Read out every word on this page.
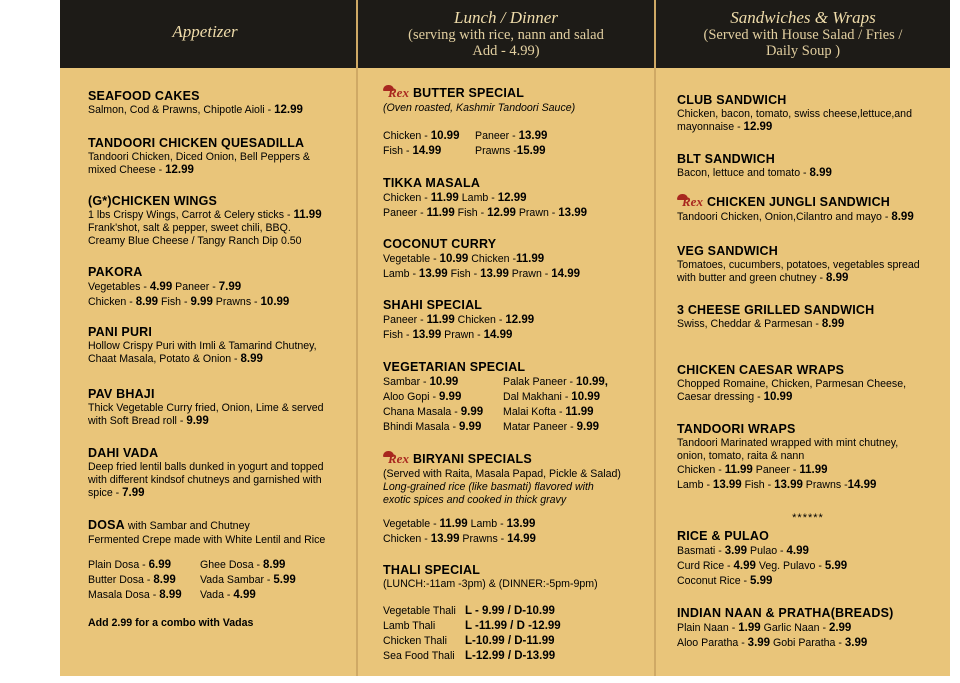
Appetizer
Lunch / Dinner
(serving with rice, nann and salad
Add - 4.99)
Sandwiches & Wraps
(Served with House Salad / Fries /
Daily Soup )
SEAFOOD CAKES
Salmon, Cod & Prawns, Chipotle Aioli - 12.99
TANDOORI CHICKEN QUESADILLA
Tandoori Chicken, Diced Onion, Bell Peppers &
mixed Cheese - 12.99
(G*)CHICKEN WINGS
1 lbs Crispy Wings, Carrot & Celery sticks - 11.99
Frank'shot, salt & pepper, sweet chili, BBQ.
Creamy Blue Cheese / Tangy Ranch Dip 0.50
PAKORA
Vegetables - 4.99 Paneer - 7.99
Chicken - 8.99 Fish - 9.99 Prawns - 10.99
PANI PURI
Hollow Crispy Puri with Imli & Tamarind Chutney,
Chaat Masala, Potato & Onion - 8.99
PAV BHAJI
Thick Vegetable Curry fried, Onion, Lime & served
with Soft Bread roll - 9.99
DAHI VADA
Deep fried lentil balls dunked in yogurt and topped
with different kindsof chutneys and garnished with
spice - 7.99
DOSA with Sambar and Chutney
Fermented Crepe made with White Lentil and Rice
Plain Dosa - 6.99	Ghee Dosa - 8.99
Butter Dosa - 8.99 Vada Sambar - 5.99
Masala Dosa - 8.99 Vada - 4.99
Add 2.99 for a combo with Vadas
Rex BUTTER SPECIAL
(Oven roasted, Kashmir Tandoori Sauce)
Chicken - 10.99 Paneer - 13.99
Fish - 14.99	Prawns -15.99
TIKKA MASALA
Chicken - 11.99 Lamb - 12.99
Paneer - 11.99 Fish - 12.99 Prawn - 13.99
COCONUT CURRY
Vegetable - 10.99 Chicken -11.99
Lamb - 13.99 Fish - 13.99 Prawn - 14.99
SHAHI SPECIAL
Paneer - 11.99 Chicken - 12.99
Fish - 13.99 Prawn - 14.99
VEGETARIAN SPECIAL
Sambar - 10.99	Palak Paneer - 10.99,
Aloo Gopi - 9.99	Dal Makhani - 10.99
Chana Masala - 9.99 Malai Kofta - 11.99
Bhindi Masala - 9.99 Matar Paneer - 9.99
Rex BIRYANI SPECIALS
(Served with Raita, Masala Papad, Pickle & Salad)
Long-grained rice (like basmati) flavored with
exotic spices and cooked in thick gravy
Vegetable - 11.99 Lamb - 13.99
Chicken - 13.99 Prawns - 14.99
THALI SPECIAL
(LUNCH:-11am -3pm) & (DINNER:-5pm-9pm)
Vegetable Thali L - 9.99 / D-10.99
Lamb Thali	L -11.99 / D -12.99
Chicken Thali L-10.99 / D-11.99
Sea Food Thali L-12.99 / D-13.99
CLUB SANDWICH
Chicken, bacon, tomato, swiss cheese,lettuce,and
mayonnaise - 12.99
BLT SANDWICH
Bacon, lettuce and tomato - 8.99
Rex CHICKEN JUNGLI SANDWICH
Tandoori Chicken, Onion,Cilantro and mayo - 8.99
VEG SANDWICH
Tomatoes, cucumbers, potatoes, vegetables spread
with butter and green chutney - 8.99
3 CHEESE GRILLED SANDWICH
Swiss, Cheddar & Parmesan - 8.99
CHICKEN CAESAR WRAPS
Chopped Romaine, Chicken, Parmesan Cheese,
Caesar dressing - 10.99
TANDOORI WRAPS
Tandoori Marinated wrapped with mint chutney,
onion, tomato, raita & nann
Chicken - 11.99 Paneer - 11.99
Lamb - 13.99 Fish - 13.99 Prawns -14.99
******
RICE & PULAO
Basmati - 3.99 Pulao - 4.99
Curd Rice - 4.99 Veg. Pulavo - 5.99
Coconut Rice - 5.99
INDIAN NAAN & PRATHA(BREADS)
Plain Naan - 1.99 Garlic Naan - 2.99
Aloo Paratha - 3.99 Gobi Paratha - 3.99
